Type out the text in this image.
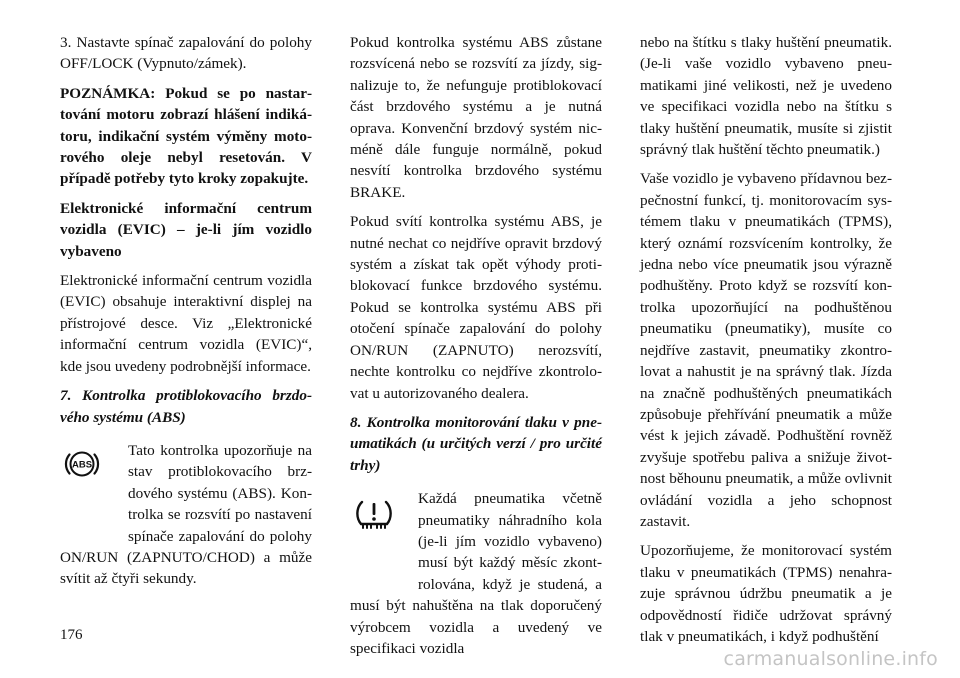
3. Nastavte spínač zapalování do polohy OFF/LOCK (Vypnuto/zámek).

POZNÁMKA: Pokud se po nastartování motoru zobrazí hlášení indikátoru, indikační systém výměny motorového oleje nebyl resetován. V případě potřeby tyto kroky zopakujte.

Elektronické informační centrum vozidla (EVIC) – je-li jím vozidlo vybaveno

Elektronické informační centrum vozidla (EVIC) obsahuje interaktivní displej na přístrojové desce. Viz „Elektronické informační centrum vozidla (EVIC)“, kde jsou uvedeny podrobnější informace.

7. Kontrolka protiblokovacího brzdového systému (ABS)

ABS

Tato kontrolka upozorňuje na stav protiblokovacího brzdového systému (ABS). Kontrolka se rozsvítí po nastavení spínače zapalování do polohy ON/RUN (ZAPNUTO/CHOD) a může svítit až čtyři sekundy.

Pokud kontrolka systému ABS zůstane rozsvícená nebo se rozsvítí za jízdy, signalizuje to, že nefunguje protiblokovací část brzdového systému a je nutná oprava. Konvenční brzdový systém nicméně dále funguje normálně, pokud nesvítí kontrolka brzdového systému BRAKE.

Pokud svítí kontrolka systému ABS, je nutné nechat co nejdříve opravit brzdový systém a získat tak opět výhody protiblokovací funkce brzdového systému. Pokud se kontrolka systému ABS při otočení spínače zapalování do polohy ON/RUN (ZAPNUTO) nerozsvítí, nechte kontrolku co nejdříve zkontrolovat u autorizovaného dealera.

8. Kontrolka monitorování tlaku v pneumatikách (u určitých verzí / pro určité trhy)

Každá pneumatika včetně pneumatiky náhradního kola (je-li jím vozidlo vybaveno) musí být každý měsíc zkontrolována, když je studená, a musí být nahuštěna na tlak doporučený výrobcem vozidla a uvedený ve specifikaci vozidla

nebo na štítku s tlaky huštění pneumatik. (Je-li vaše vozidlo vybaveno pneumatikami jiné velikosti, než je uvedeno ve specifikaci vozidla nebo na štítku s tlaky huštění pneumatik, musíte si zjistit správný tlak huštění těchto pneumatik.)

Vaše vozidlo je vybaveno přídavnou bezpečnostní funkcí, tj. monitorovacím systémem tlaku v pneumatikách (TPMS), který oznámí rozsvícením kontrolky, že jedna nebo více pneumatik jsou výrazně podhuštěny. Proto když se rozsvítí kontrolka upozorňující na podhuštěnou pneumatiku (pneumatiky), musíte co nejdříve zastavit, pneumatiky zkontrolovat a nahustit je na správný tlak. Jízda na značně podhuštěných pneumatikách způsobuje přehřívání pneumatik a může vést k jejich závadě. Podhuštění rovněž zvyšuje spotřebu paliva a snižuje životnost běhounu pneumatik, a může ovlivnit ovládání vozidla a jeho schopnost zastavit.

Upozorňujeme, že monitorovací systém tlaku v pneumatikách (TPMS) nenahrazuje správnou údržbu pneumatik a je odpovědností řidiče udržovat správný tlak v pneumatikách, i když podhuštění

176
carmanualsonline.info
